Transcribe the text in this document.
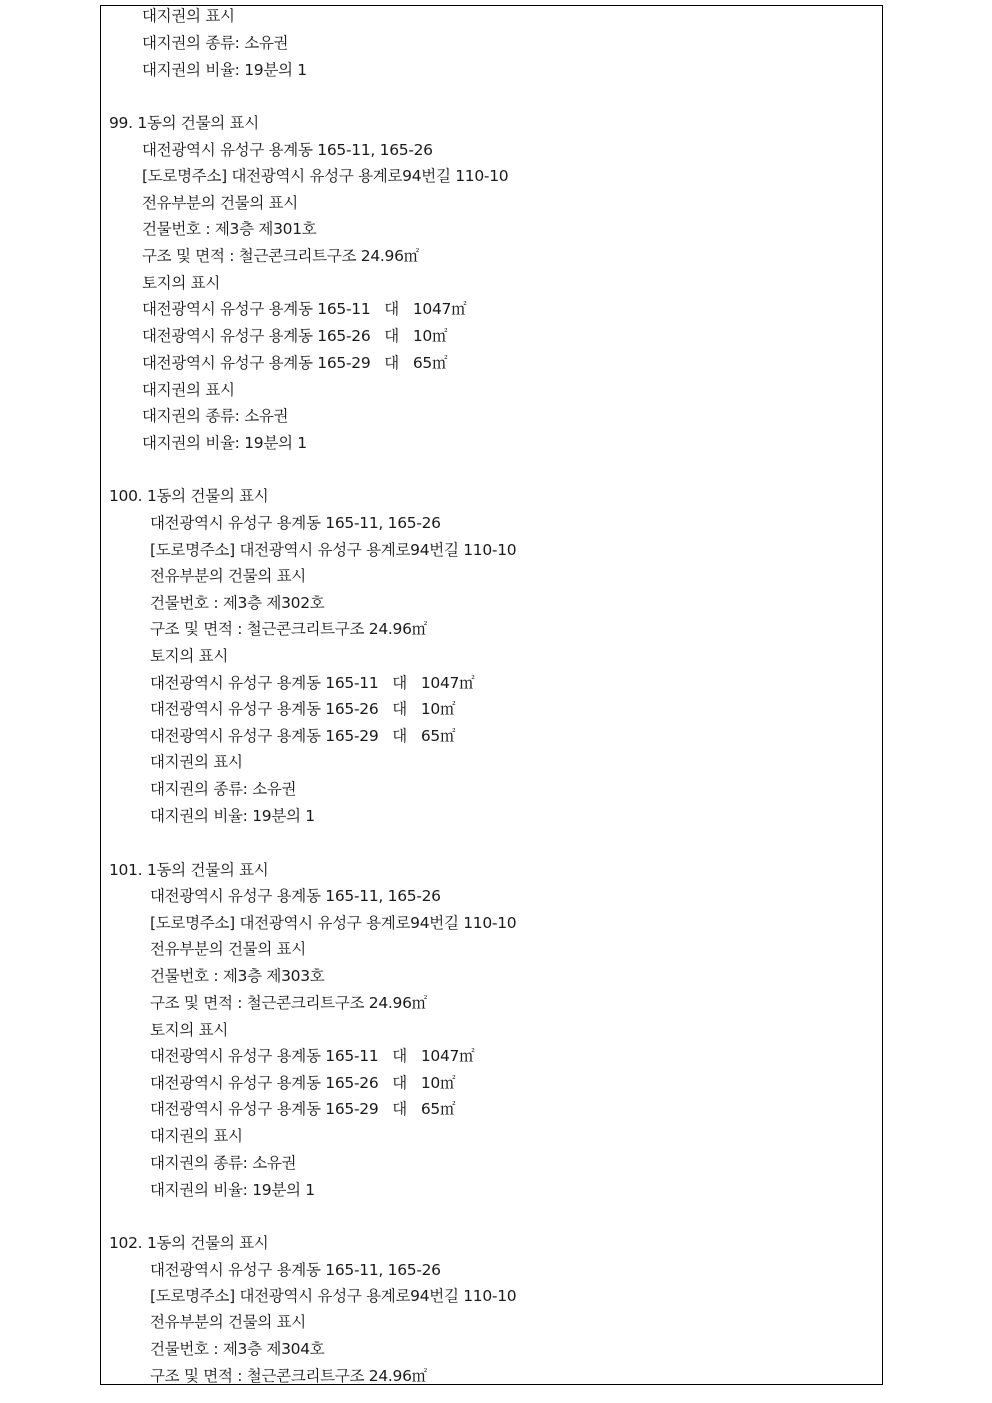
대지권의 표시

대지권의 종류: 소유권

대지권의 비율: 19분의 1

99. 1동의 건물의 표시

대전광역시 유성구 용계동 165-11, 165-26

[도로명주소] 대전광역시 유성구 용계로94번길 110-10

전유부분의 건물의 표시

건물번호 : 제3층 제301호

구조 및 면적 : 철근콘크리트구조 24.96㎡

토지의 표시

대전광역시 유성구 용계동 165-11   대   1047㎡

대전광역시 유성구 용계동 165-26   대   10㎡

대전광역시 유성구 용계동 165-29   대   65㎡

대지권의 표시

대지권의 종류: 소유권

대지권의 비율: 19분의 1

100. 1동의 건물의 표시

대전광역시 유성구 용계동 165-11, 165-26

[도로명주소] 대전광역시 유성구 용계로94번길 110-10

전유부분의 건물의 표시

건물번호 : 제3층 제302호

구조 및 면적 : 철근콘크리트구조 24.96㎡

토지의 표시

대전광역시 유성구 용계동 165-11   대   1047㎡

대전광역시 유성구 용계동 165-26   대   10㎡

대전광역시 유성구 용계동 165-29   대   65㎡

대지권의 표시

대지권의 종류: 소유권

대지권의 비율: 19분의 1

101. 1동의 건물의 표시

대전광역시 유성구 용계동 165-11, 165-26

[도로명주소] 대전광역시 유성구 용계로94번길 110-10

전유부분의 건물의 표시

건물번호 : 제3층 제303호

구조 및 면적 : 철근콘크리트구조 24.96㎡

토지의 표시

대전광역시 유성구 용계동 165-11   대   1047㎡

대전광역시 유성구 용계동 165-26   대   10㎡

대전광역시 유성구 용계동 165-29   대   65㎡

대지권의 표시

대지권의 종류: 소유권

대지권의 비율: 19분의 1

102. 1동의 건물의 표시

대전광역시 유성구 용계동 165-11, 165-26

[도로명주소] 대전광역시 유성구 용계로94번길 110-10

전유부분의 건물의 표시

건물번호 : 제3층 제304호

구조 및 면적 : 철근콘크리트구조 24.96㎡
